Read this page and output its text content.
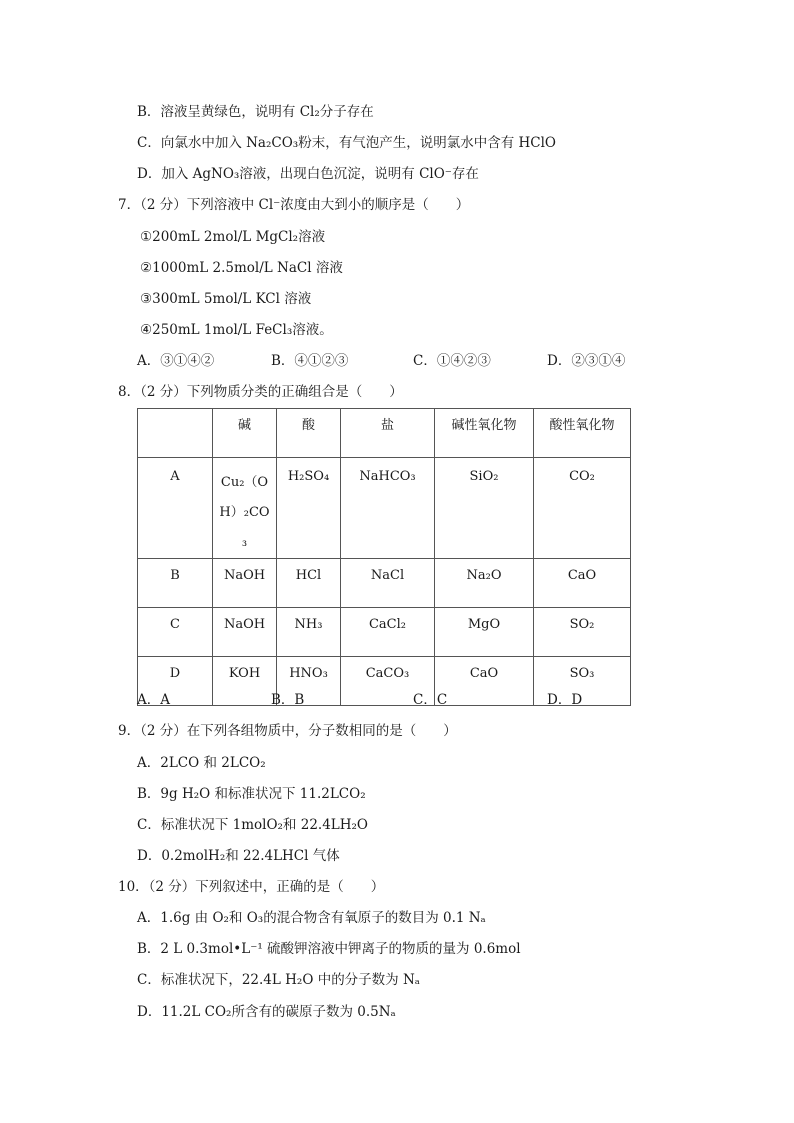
B．溶液呈黄绿色，说明有 Cl₂分子存在
C．向氯水中加入 Na₂CO₃粉末，有气泡产生，说明氯水中含有 HClO
D．加入 AgNO₃溶液，出现白色沉淀，说明有 ClO⁻存在
7．（2 分）下列溶液中 Cl⁻浓度由大到小的顺序是（　　）
①200mL 2mol/L MgCl₂溶液
②1000mL 2.5mol/L NaCl 溶液
③300mL 5mol/L KCl 溶液
④250mL 1mol/L FeCl₃溶液。
A．③①④②	B．④①②③	C．①④②③	D．②③①④
8．（2 分）下列物质分类的正确组合是（　　）

	碱	酸	盐	碱性氧化物	酸性氧化物

A	Cu₂（OH）₂CO₃	H₂SO₄	NaHCO₃	SiO₂	CO₂

B	NaOH	HCl	NaCl	Na₂O	CaO

C	NaOH	NH₃	CaCl₂	MgO	SO₂

D	KOH	HNO₃	CaCO₃	CaO	SO₃
A．A	B．B	C．C	D．D
9．（2 分）在下列各组物质中，分子数相同的是（　　）
A．2LCO 和 2LCO₂
B．9g H₂O 和标准状况下 11.2LCO₂
C．标准状况下 1molO₂和 22.4LH₂O
D．0.2molH₂和 22.4LHCl 气体
10．（2 分）下列叙述中，正确的是（　　）
A．1.6g 由 O₂和 O₃的混合物含有氧原子的数目为 0.1 Nₐ
B．2 L 0.3mol•L⁻¹ 硫酸钾溶液中钾离子的物质的量为 0.6mol
C．标准状况下，22.4L H₂O 中的分子数为 Nₐ
D．11.2L CO₂所含有的碳原子数为 0.5Nₐ
